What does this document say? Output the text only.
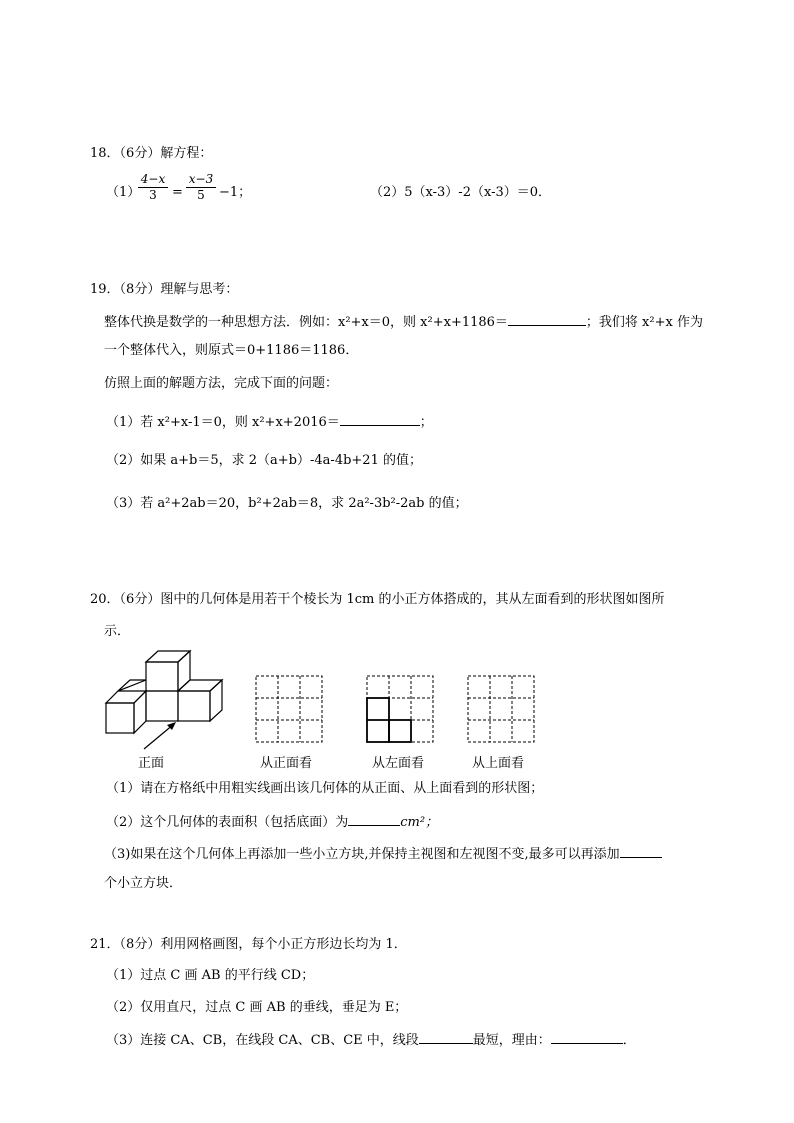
18．（6分）解方程：
（1）
$\frac{4-x}{3} = \frac{x-3}{5} -1$；	（2）5（x-3）-2（x-3）＝0．
19．（8分）理解与思考：
整体代换是数学的一种思想方法．例如：x²+x＝0，则 x²+x+1186＝	；我们将 x²+x 作为
一个整体代入，则原式＝0+1186＝1186．
仿照上面的解题方法，完成下面的问题：
（1）若 x²+x-1＝0，则 x²+x+2016＝	；
（2）如果 a+b＝5，求 2（a+b）-4a-4b+21 的值；
（3）若 a²+2ab＝20，b²+2ab＝8，求 2a²-3b²-2ab 的值；
20．（6分）图中的几何体是用若干个棱长为 1cm 的小正方体搭成的，其从左面看到的形状图如图所
示．
正面	从正面看	从左面看	从上面看
（1）请在方格纸中用粗实线画出该几何体的从正面、从上面看到的形状图；
（2）这个几何体的表面积（包括底面）为	cm²；
（3)如果在这个几何体上再添加一些小立方块,并保持主视图和左视图不变,最多可以再添加
个小立方块．
21．（8分）利用网格画图，每个小正方形边长均为 1．
（1）过点 C 画 AB 的平行线 CD；
（2）仅用直尺，过点 C 画 AB 的垂线，垂足为 E；
（3）连接 CA、CB，在线段 CA、CB、CE 中，线段	最短，理由：	．
